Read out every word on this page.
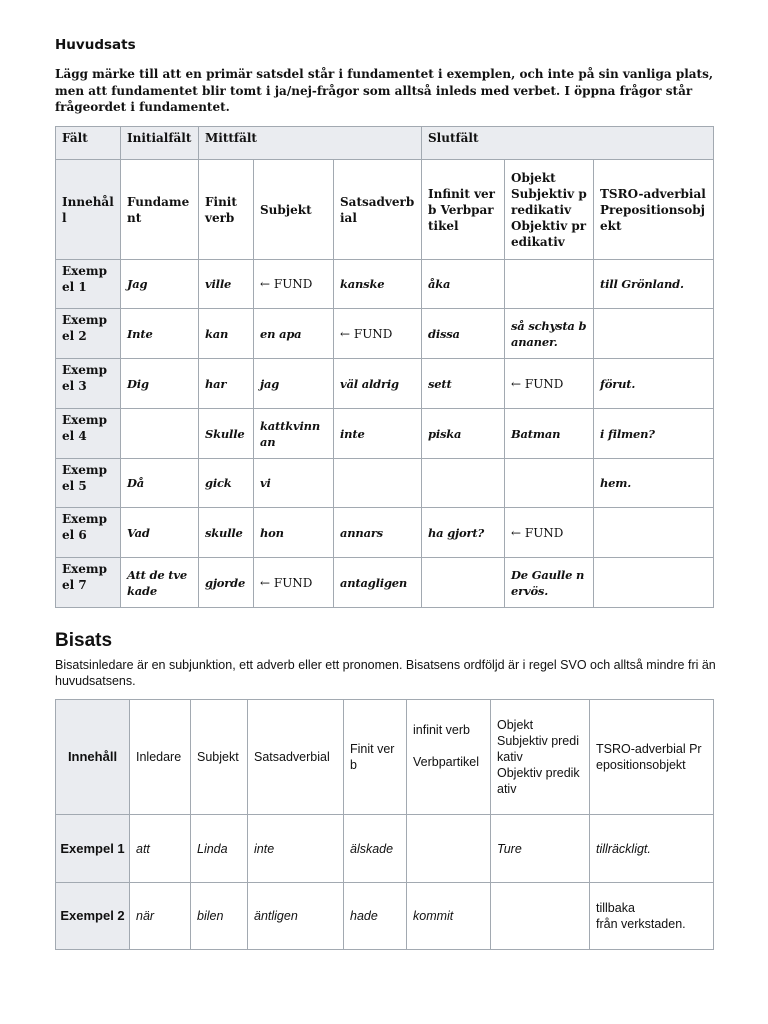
Huvudsats
Lägg märke till att en primär satsdel står i fundamentet i exemplen, och inte på sin vanliga plats, men att fundamentet blir tomt i ja/nej-frågor som alltså inleds med verbet. I öppna frågor står frågeordet i fundamentet.
Fält	Initialfält	Mittfält			Slutfält		
Innehåll	Fundament	Finit verb	Subjekt	Satsadverbial	Infinit verb Verbpartikel	Objekt
Subjektiv predikativ
Objektiv predikativ	TSRO-adverbial Prepositionsobjekt
Exempel 1	Jag	ville	← FUND	kanske	åka		till Grönland.
Exempel 2	Inte	kan	en apa	← FUND	dissa	så schysta bananer.	
Exempel 3	Dig	har	jag	väl aldrig	sett	← FUND	förut.
Exempel 4		Skulle	kattkvinnan	inte	piska	Batman	i filmen?
Exempel 5	Då	gick	vi				hem.
Exempel 6	Vad	skulle	hon	annars	ha gjort?	← FUND	
Exempel 7	Att de tvekade	gjorde	← FUND	antagligen		De Gaulle nervös.	
Bisats
Bisatsinledare är en subjunktion, ett adverb eller ett pronomen. Bisatsens ordföljd är i regel SVO och alltså mindre fri än huvudsatsens.
Innehåll	Inledare	Subjekt	Satsadverbial	Finit verb	infinit verb

Verbpartikel	Objekt
Subjektiv predikativ
Objektiv predikativ	TSRO-adverbial Prepositionsobjekt
Exempel 1	att	Linda	inte	älskade		Ture	tillräckligt.
Exempel 2	när	bilen	äntligen	hade	kommit		tillbaka
från verkstaden.
